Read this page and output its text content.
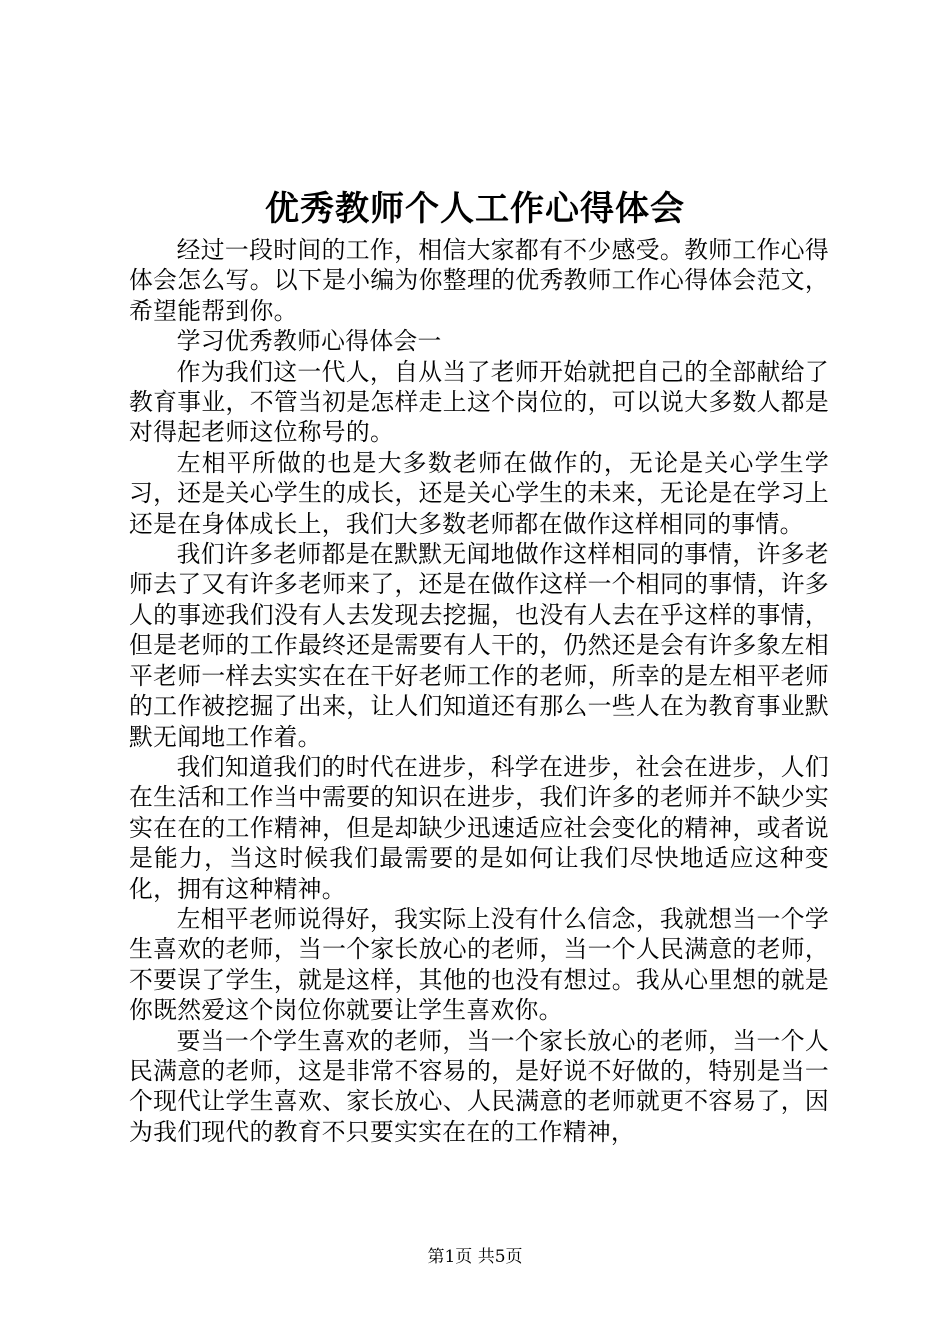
优秀教师个人工作心得体会

经过一段时间的工作，相信大家都有不少感受。教师工作心得体会怎么写。以下是小编为你整理的优秀教师工作心得体会范文，希望能帮到你。

学习优秀教师心得体会一

作为我们这一代人，自从当了老师开始就把自己的全部献给了教育事业，不管当初是怎样走上这个岗位的，可以说大多数人都是对得起老师这位称号的。

左相平所做的也是大多数老师在做作的，无论是关心学生学习，还是关心学生的成长，还是关心学生的未来，无论是在学习上还是在身体成长上，我们大多数老师都在做作这样相同的事情。

我们许多老师都是在默默无闻地做作这样相同的事情，许多老师去了又有许多老师来了，还是在做作这样一个相同的事情，许多人的事迹我们没有人去发现去挖掘，也没有人去在乎这样的事情，但是老师的工作最终还是需要有人干的，仍然还是会有许多象左相平老师一样去实实在在干好老师工作的老师，所幸的是左相平老师的工作被挖掘了出来，让人们知道还有那么一些人在为教育事业默默无闻地工作着。

我们知道我们的时代在进步，科学在进步，社会在进步，人们在生活和工作当中需要的知识在进步，我们许多的老师并不缺少实实在在的工作精神，但是却缺少迅速适应社会变化的精神，或者说是能力，当这时候我们最需要的是如何让我们尽快地适应这种变化，拥有这种精神。

左相平老师说得好，我实际上没有什么信念，我就想当一个学生喜欢的老师，当一个家长放心的老师，当一个人民满意的老师，不要误了学生，就是这样，其他的也没有想过。我从心里想的就是你既然爱这个岗位你就要让学生喜欢你。

要当一个学生喜欢的老师，当一个家长放心的老师，当一个人民满意的老师，这是非常不容易的，是好说不好做的，特别是当一个现代让学生喜欢、家长放心、人民满意的老师就更不容易了，因为我们现代的教育不只要实实在在的工作精神，

第1页 共5页
